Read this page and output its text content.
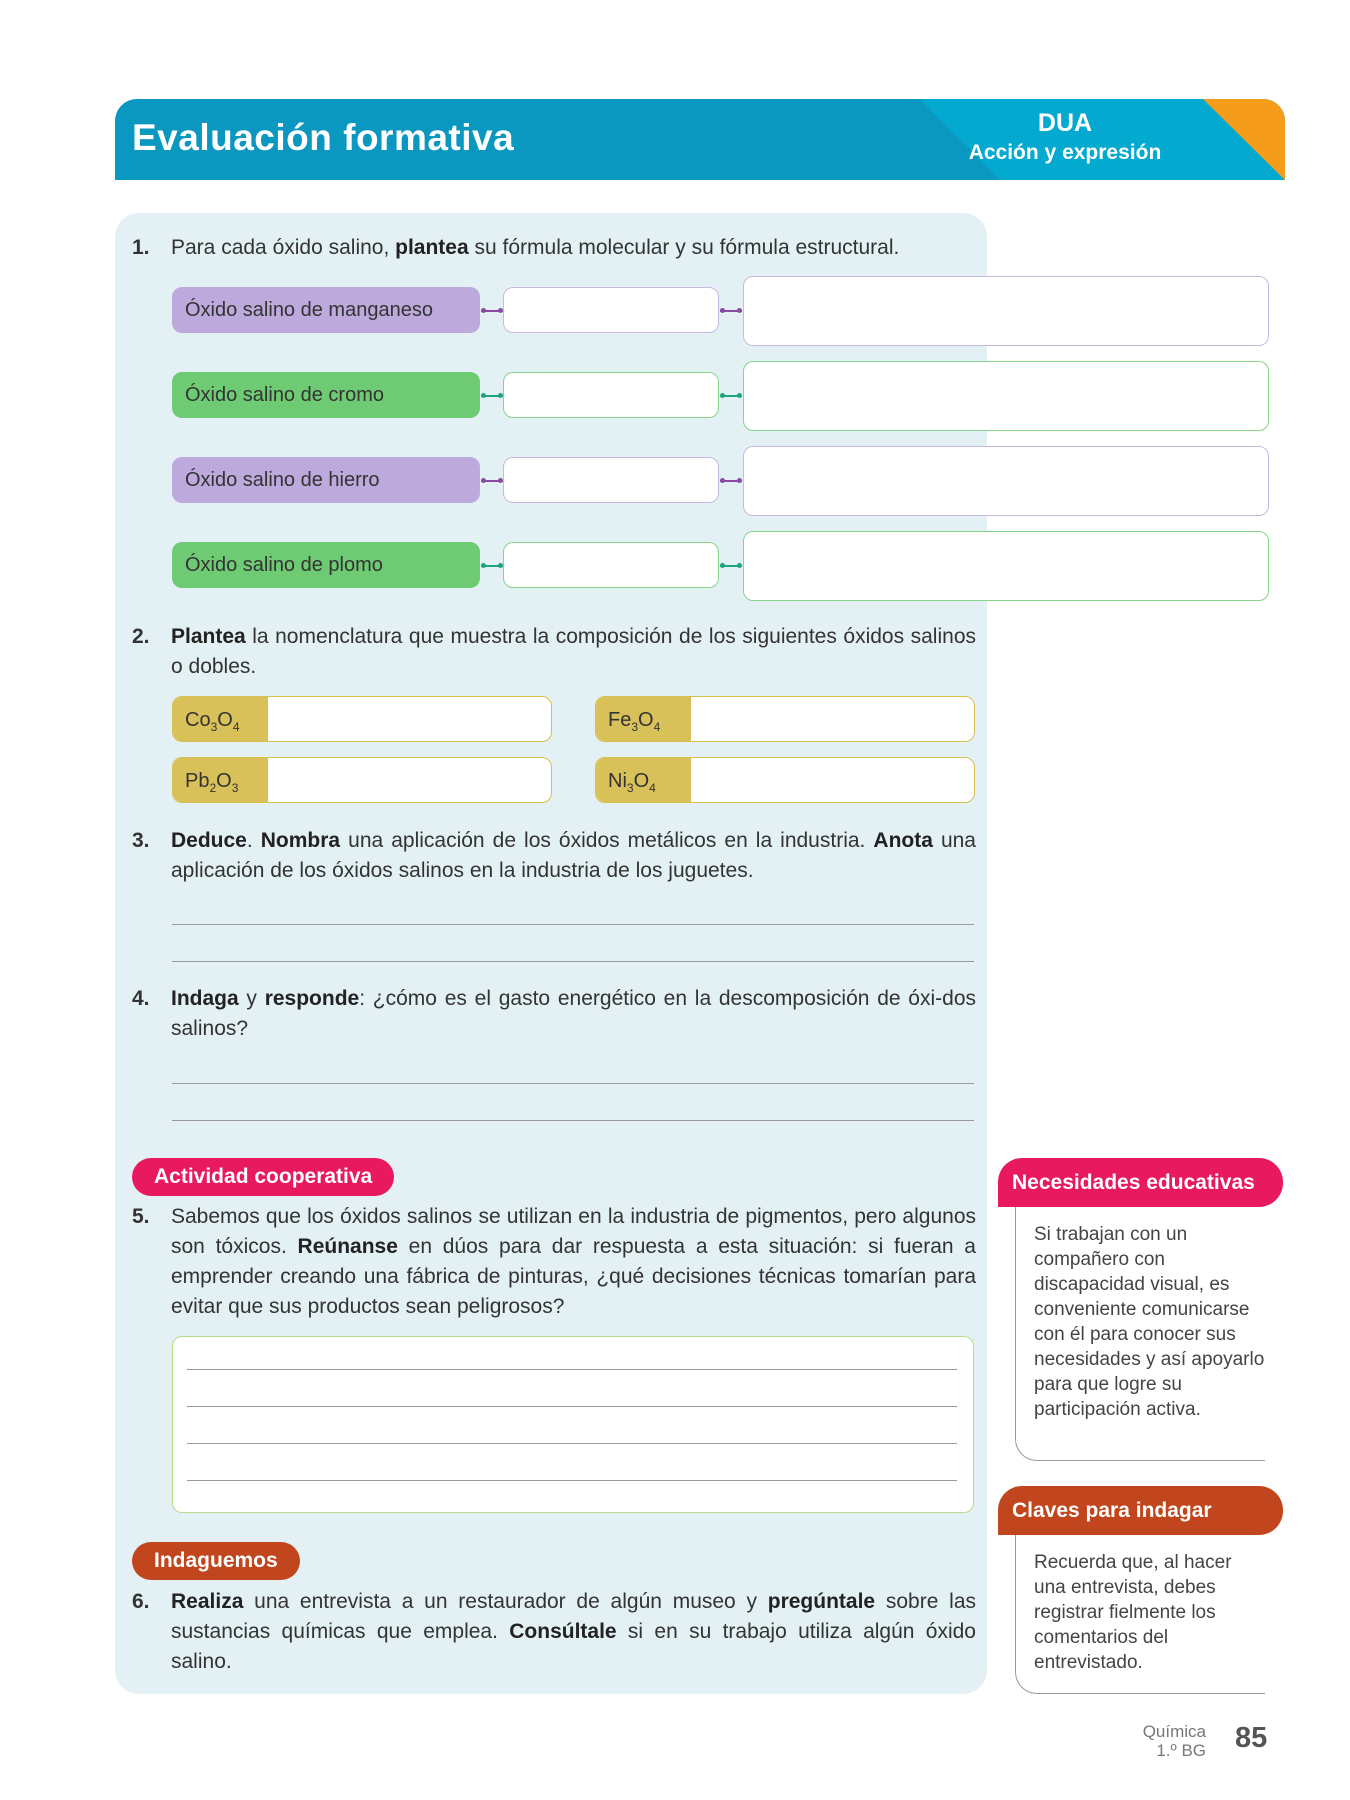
Evaluación formativa	DUA
Acción y expresión
1. Para cada óxido salino, plantea su fórmula molecular y su fórmula estructural.
Óxido salino de manganeso
Óxido salino de cromo
Óxido salino de hierro
Óxido salino de plomo
2. Plantea la nomenclatura que muestra la composición de los siguientes óxidos salinos o dobles.
$Co_3O_4$	$Fe_3O_4$
$Pb_2O_3$	$Ni_3O_4$
3. Deduce. Nombra una aplicación de los óxidos metálicos en la industria. Anota una aplicación de los óxidos salinos en la industria de los juguetes.
4. Indaga y responde: ¿cómo es el gasto energético en la descomposición de óxi-dos salinos?
Actividad cooperativa
5. Sabemos que los óxidos salinos se utilizan en la industria de pigmentos, pero algunos son tóxicos. Reúnanse en dúos para dar respuesta a esta situación: si fueran a emprender creando una fábrica de pinturas, ¿qué decisiones técnicas tomarían para evitar que sus productos sean peligrosos?
Indaguemos
6. Realiza una entrevista a un restaurador de algún museo y pregúntale sobre las sustancias químicas que emplea. Consúltale si en su trabajo utiliza algún óxido salino.
Necesidades educativas
Si trabajan con un compañero con discapacidad visual, es conveniente comunicarse con él para conocer sus necesidades y así apoyarlo para que logre su participación activa.
Claves para indagar
Recuerda que, al hacer una entrevista, debes registrar fielmente los comentarios del entrevistado.
Química
1.º BG 85
